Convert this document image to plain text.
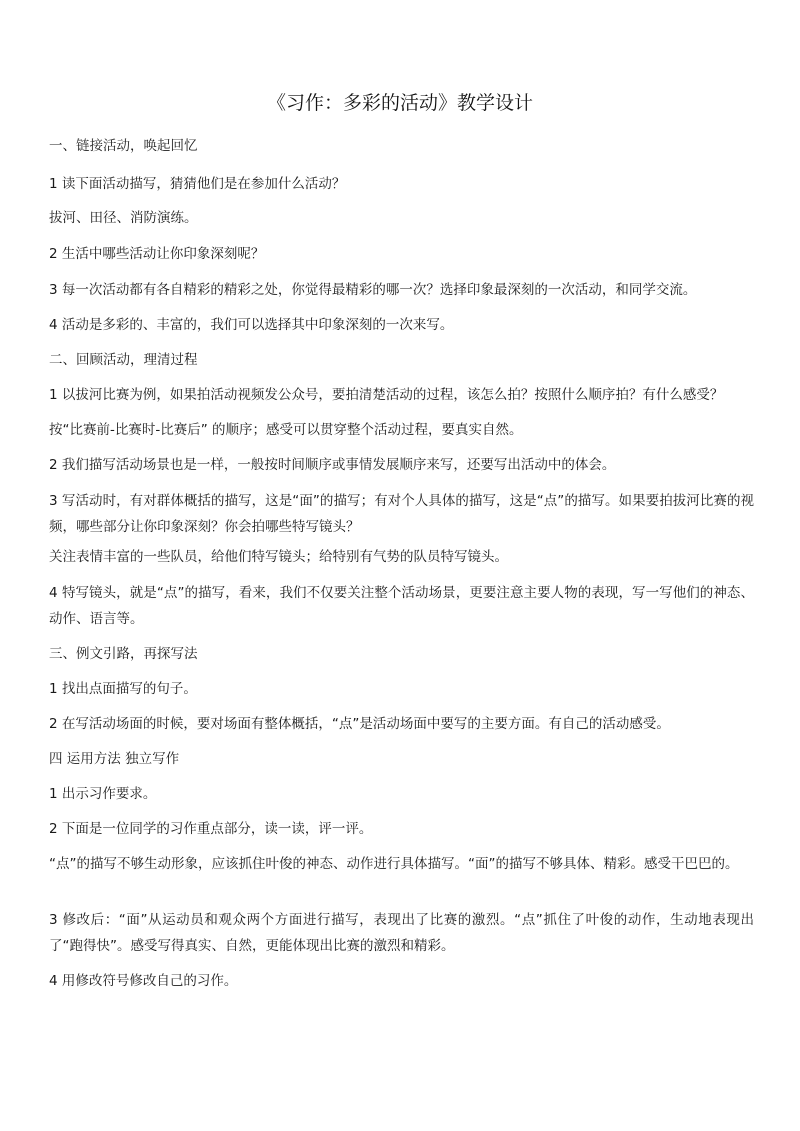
《习作：多彩的活动》教学设计
一、链接活动，唤起回忆
1 读下面活动描写，猜猜他们是在参加什么活动？
拔河、田径、消防演练。
2 生活中哪些活动让你印象深刻呢？
3 每一次活动都有各自精彩的精彩之处，你觉得最精彩的哪一次？选择印象最深刻的一次活动，和同学交流。
4 活动是多彩的、丰富的，我们可以选择其中印象深刻的一次来写。
二、回顾活动，理清过程
1 以拔河比赛为例，如果拍活动视频发公众号，要拍清楚活动的过程，该怎么拍？按照什么顺序拍？有什么感受？
按“比赛前-比赛时-比赛后” 的顺序；感受可以贯穿整个活动过程，要真实自然。
2 我们描写活动场景也是一样，一般按时间顺序或事情发展顺序来写，还要写出活动中的体会。
3 写活动时，有对群体概括的描写，这是“面”的描写；有对个人具体的描写，这是“点”的描写。如果要拍拔河比赛的视频，哪些部分让你印象深刻？你会拍哪些特写镜头？
关注表情丰富的一些队员，给他们特写镜头；给特别有气势的队员特写镜头。
4 特写镜头，就是“点”的描写，看来，我们不仅要关注整个活动场景，更要注意主要人物的表现，写一写他们的神态、动作、语言等。
三、例文引路，再探写法
1 找出点面描写的句子。
2 在写活动场面的时候，要对场面有整体概括，“点”是活动场面中要写的主要方面。有自己的活动感受。
四 运用方法 独立写作
1 出示习作要求。
2 下面是一位同学的习作重点部分，读一读，评一评。
“点”的描写不够生动形象，应该抓住叶俊的神态、动作进行具体描写。“面”的描写不够具体、精彩。感受干巴巴的。
3 修改后：“面”从运动员和观众两个方面进行描写，表现出了比赛的激烈。“点”抓住了叶俊的动作，生动地表现出了“跑得快”。感受写得真实、自然，更能体现出比赛的激烈和精彩。
4 用修改符号修改自己的习作。
